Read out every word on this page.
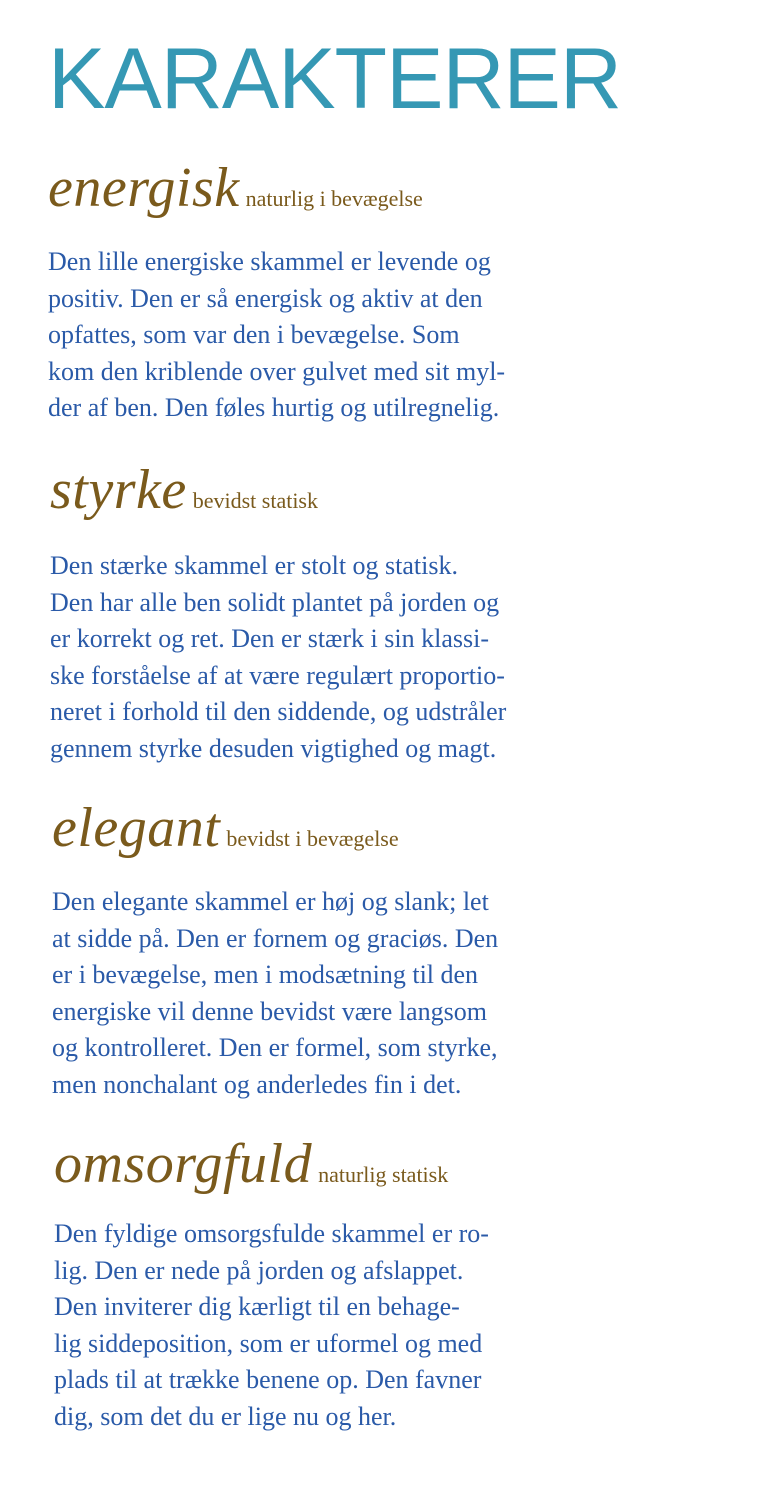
KARAKTERER
energisk naturlig i bevægelse

Den lille energiske skammel er levende og
positiv. Den er så energisk og aktiv at den
opfattes, som var den i bevægelse. Som
kom den kriblende over gulvet med sit myl-
der af ben. Den føles hurtig og utilregnelig.

styrke bevidst statisk

Den stærke skammel er stolt og statisk.
Den har alle ben solidt plantet på jorden og
er korrekt og ret. Den er stærk i sin klassi-
ske forståelse af at være regulært proportio-
neret i forhold til den siddende, og udstråler
gennem styrke desuden vigtighed og magt.

elegant bevidst i bevægelse

Den elegante skammel er høj og slank; let
at sidde på. Den er fornem og graciøs. Den
er i bevægelse, men i modsætning til den
energiske vil denne bevidst være langsom
og kontrolleret. Den er formel, som styrke,
men nonchalant og anderledes fin i det.

omsorgfuld naturlig statisk

Den fyldige omsorgsfulde skammel er ro-
lig. Den er nede på jorden og afslappet.
Den inviterer dig kærligt til en behage-
lig siddeposition, som er uformel og med
plads til at trække benene op. Den favner
dig, som det du er lige nu og her.
